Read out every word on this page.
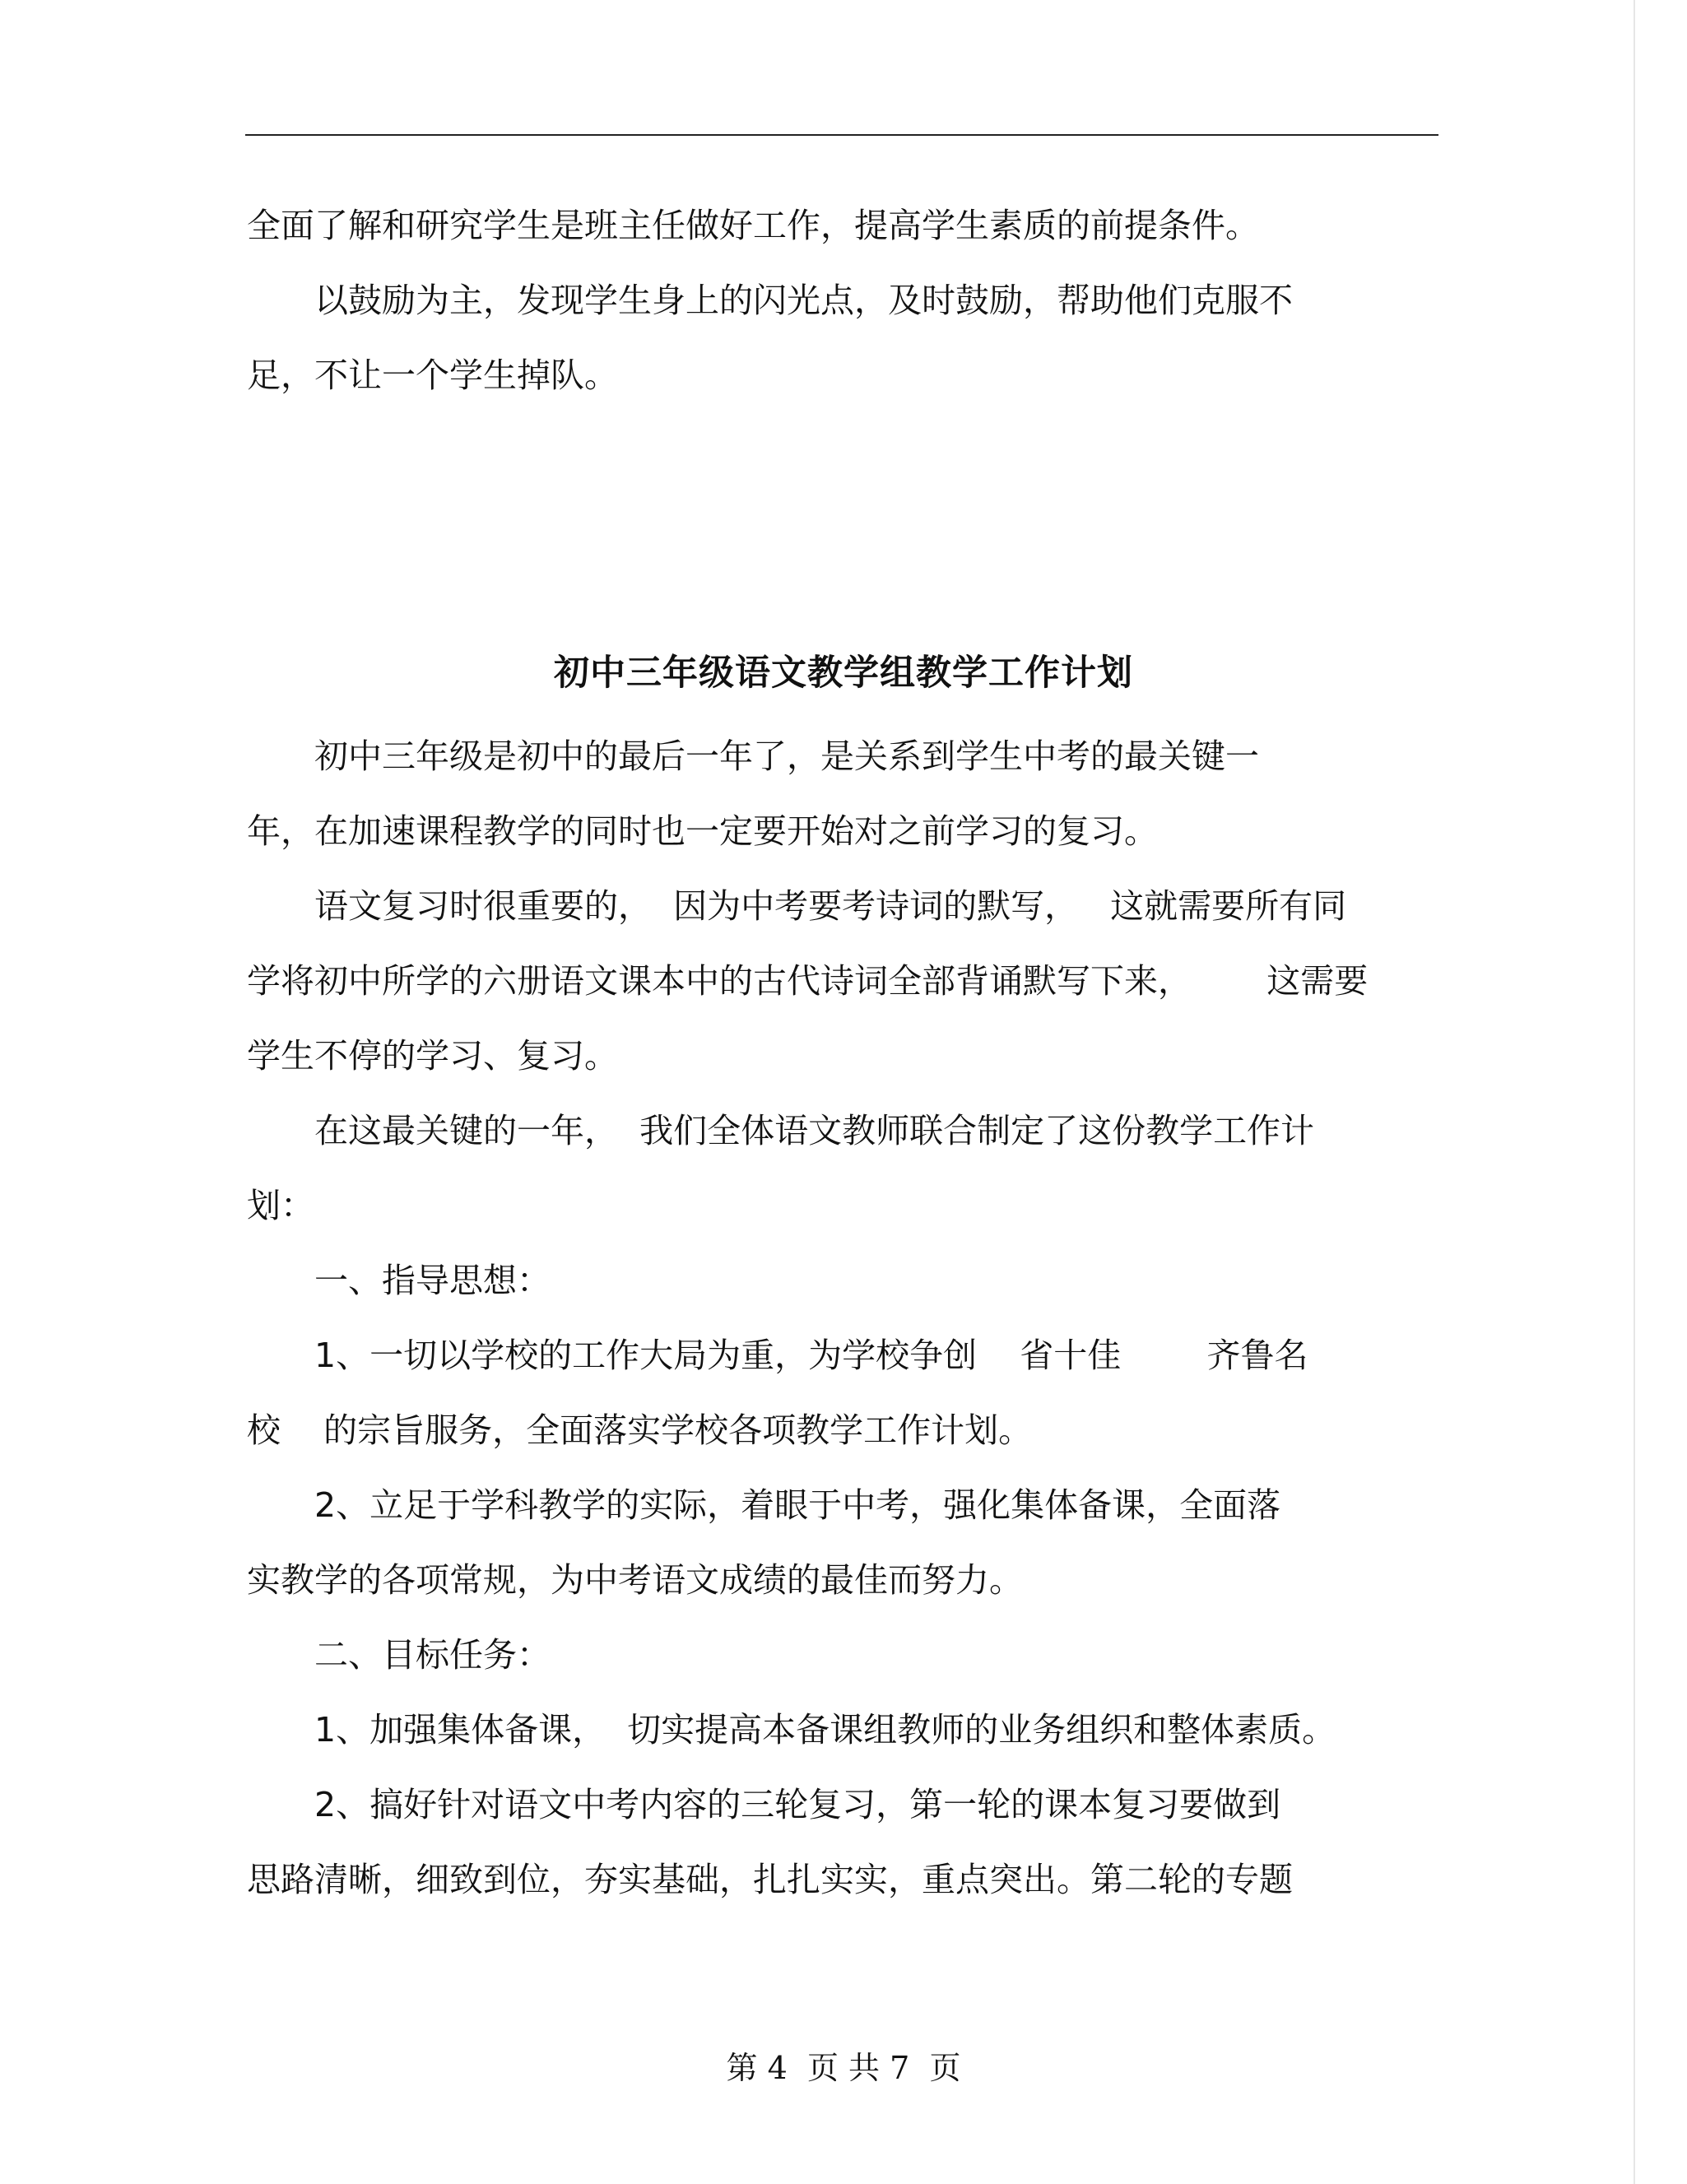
全面了解和研究学生是班主任做好工作，提高学生素质的前提条件。

　　以鼓励为主，发现学生身上的闪光点，及时鼓励，帮助他们克服不

足，不让一个学生掉队。

初中三年级语文教学组教学工作计划

　　初中三年级是初中的最后一年了，是关系到学生中考的最关键一

年，在加速课程教学的同时也一定要开始对之前学习的复习。

　　语文复习时很重要的，  因为中考要考诗词的默写，   这就需要所有同

学将初中所学的六册语文课本中的古代诗词全部背诵默写下来，       这需要

学生不停的学习、复习。

　　在这最关键的一年，  我们全体语文教师联合制定了这份教学工作计

划：

　　一、指导思想：

　　1、一切以学校的工作大局为重，为学校争创    省十佳        齐鲁名

校    的宗旨服务，全面落实学校各项教学工作计划。

　　2、立足于学科教学的实际，着眼于中考，强化集体备课，全面落

实教学的各项常规，为中考语文成绩的最佳而努力。

　　二、目标任务：

　　1、加强集体备课，  切实提高本备课组教师的业务组织和整体素质。

　　2、搞好针对语文中考内容的三轮复习，第一轮的课本复习要做到

思路清晰，细致到位，夯实基础，扎扎实实，重点突出。第二轮的专题

第 4  页 共 7  页
